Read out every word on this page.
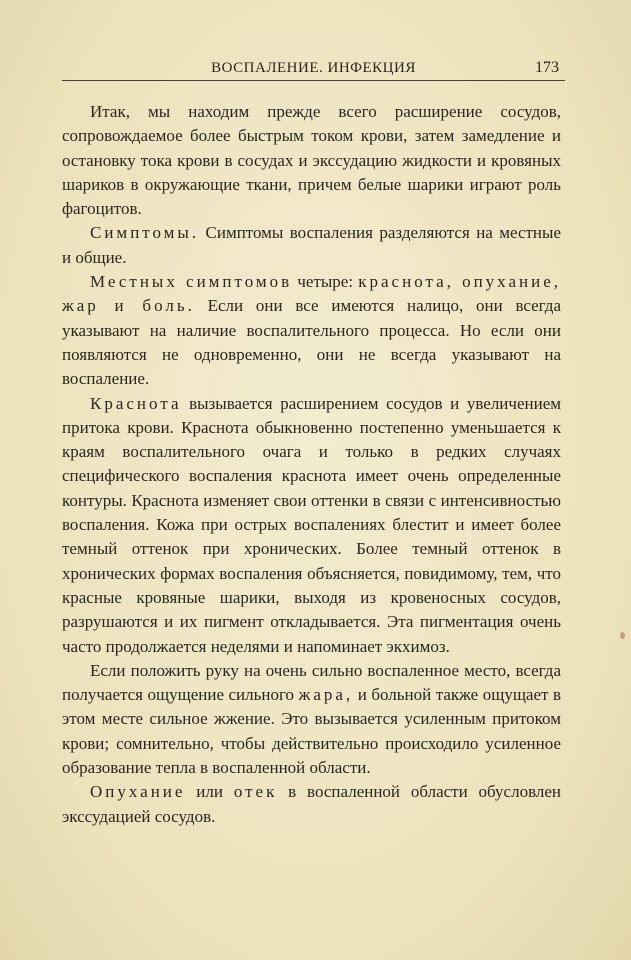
ВОСПАЛЕНИЕ. ИНФЕКЦИЯ	173

Итак, мы находим прежде всего расширение сосудов, сопровождаемое более быстрым током крови, затем замедление и остановку тока крови в сосудах и экссудацию жидкости и кровяных шариков в окружающие ткани, причем белые шарики играют роль фагоцитов.

Симптомы. Симптомы воспаления разделяются на местные и общие.

Местных симптомов четыре: краснота, опухание, жар и боль. Если они все имеются налицо, они всегда указывают на наличие воспалительного процесса. Но если они появляются не одновременно, они не всегда указывают на воспаление.

Краснота вызывается расширением сосудов и увеличением притока крови. Краснота обыкновенно постепенно уменьшается к краям воспалительного очага и только в редких случаях специфического воспаления краснота имеет очень определенные контуры. Краснота изменяет свои оттенки в связи с интенсивностью воспаления. Кожа при острых воспалениях блестит и имеет более темный оттенок при хронических. Более темный оттенок в хронических формах воспаления объясняется, повидимому, тем, что красные кровяные шарики, выходя из кровеносных сосудов, разрушаются и их пигмент откладывается. Эта пигментация очень часто продолжается неделями и напоминает экхимоз.

Если положить руку на очень сильно воспаленное место, всегда получается ощущение сильного жара, и больной также ощущает в этом месте сильное жжение. Это вызывается усиленным притоком крови; сомнительно, чтобы действительно происходило усиленное образование тепла в воспаленной области.

Опухание или отек в воспаленной области обусловлен экссудацией сосудов.
